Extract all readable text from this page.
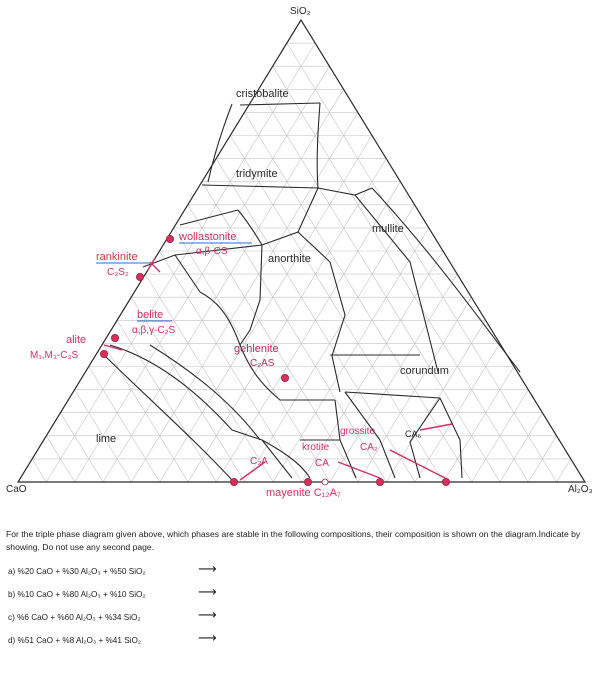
SiO₂
CaO	Al₂O₃
cristobalite
tridymite
mullite
anorthite
corundum
lime	CA₆
gehlenite
C₂AS
wollastonite
α,β-CS
rankinite
C₃S₂
belite
α,β,γ-C₂S
alite
M₁,M₃-C₃S
C₃A
grossite
krotite	CA₂
CA
mayenite C₁₂A₇
For the triple phase diagram given above, which phases are stable in the following compositions, their composition is shown on the diagram.İndicate by showing. Do not use any second page.
a) %20 CaO + %30 Al₂O₃ + %50 SiO₂	⟶
b) %10 CaO + %80 Al₂O₃ + %10 SiO₂	⟶
c) %6 CaO + %60 Al₂O₃ + %34 SiO₂	⟶
d) %51 CaO + %8 Al₂O₃ + %41 SiO₂	⟶
